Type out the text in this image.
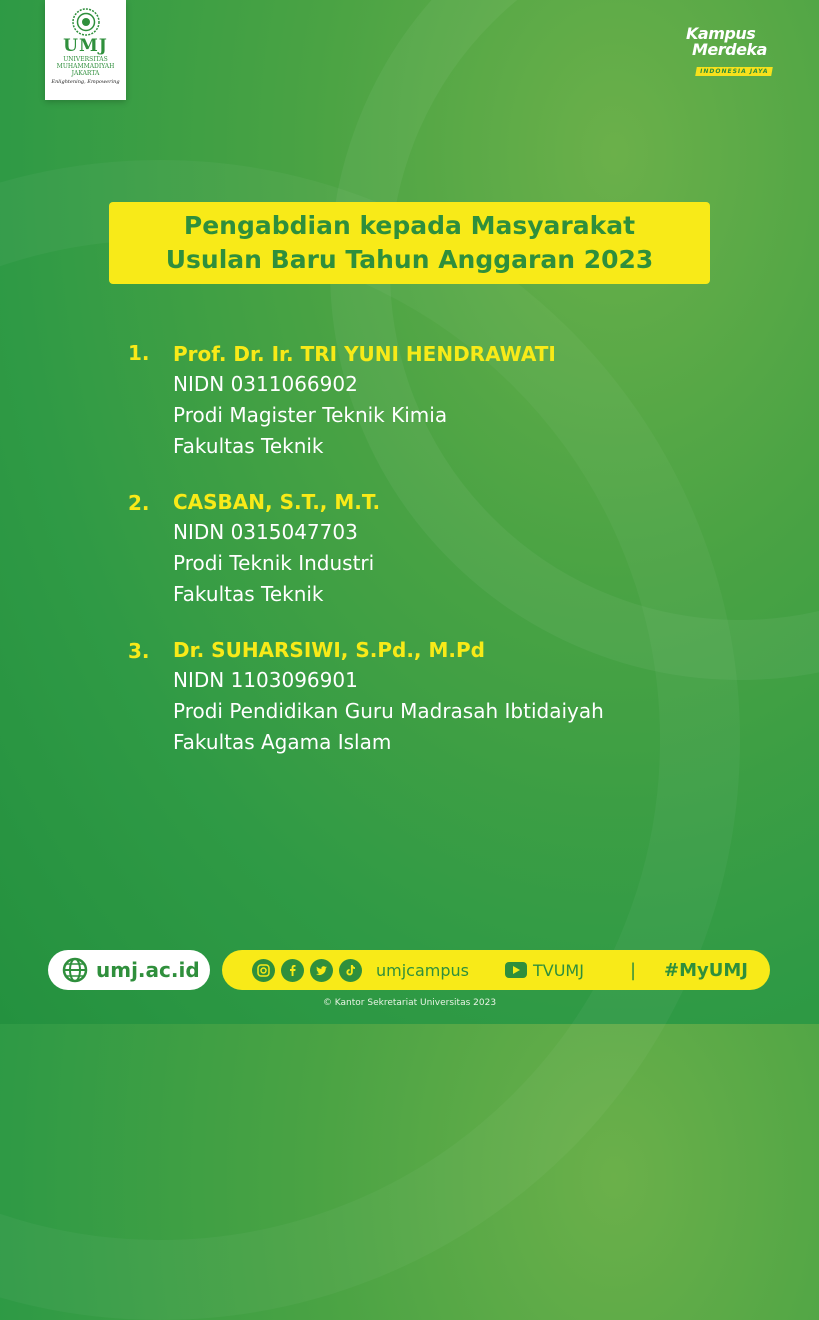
UMJ
UNIVERSITAS
MUHAMMADIYAH
JAKARTA
Enlightening, Empowering
Kampus
Merdeka
INDONESIA JAYA
Pengabdian kepada Masyarakat
Usulan Baru Tahun Anggaran 2023
1. Prof. Dr. Ir. TRI YUNI HENDRAWATI
NIDN 0311066902
Prodi Magister Teknik Kimia
Fakultas Teknik
2. CASBAN, S.T., M.T.
NIDN 0315047703
Prodi Teknik Industri
Fakultas Teknik
3. Dr. SUHARSIWI, S.Pd., M.Pd
NIDN 1103096901
Prodi Pendidikan Guru Madrasah Ibtidaiyah
Fakultas Agama Islam
umj.ac.id	umjcampus	TVUMJ	| #MyUMJ
© Kantor Sekretariat Universitas 2023
